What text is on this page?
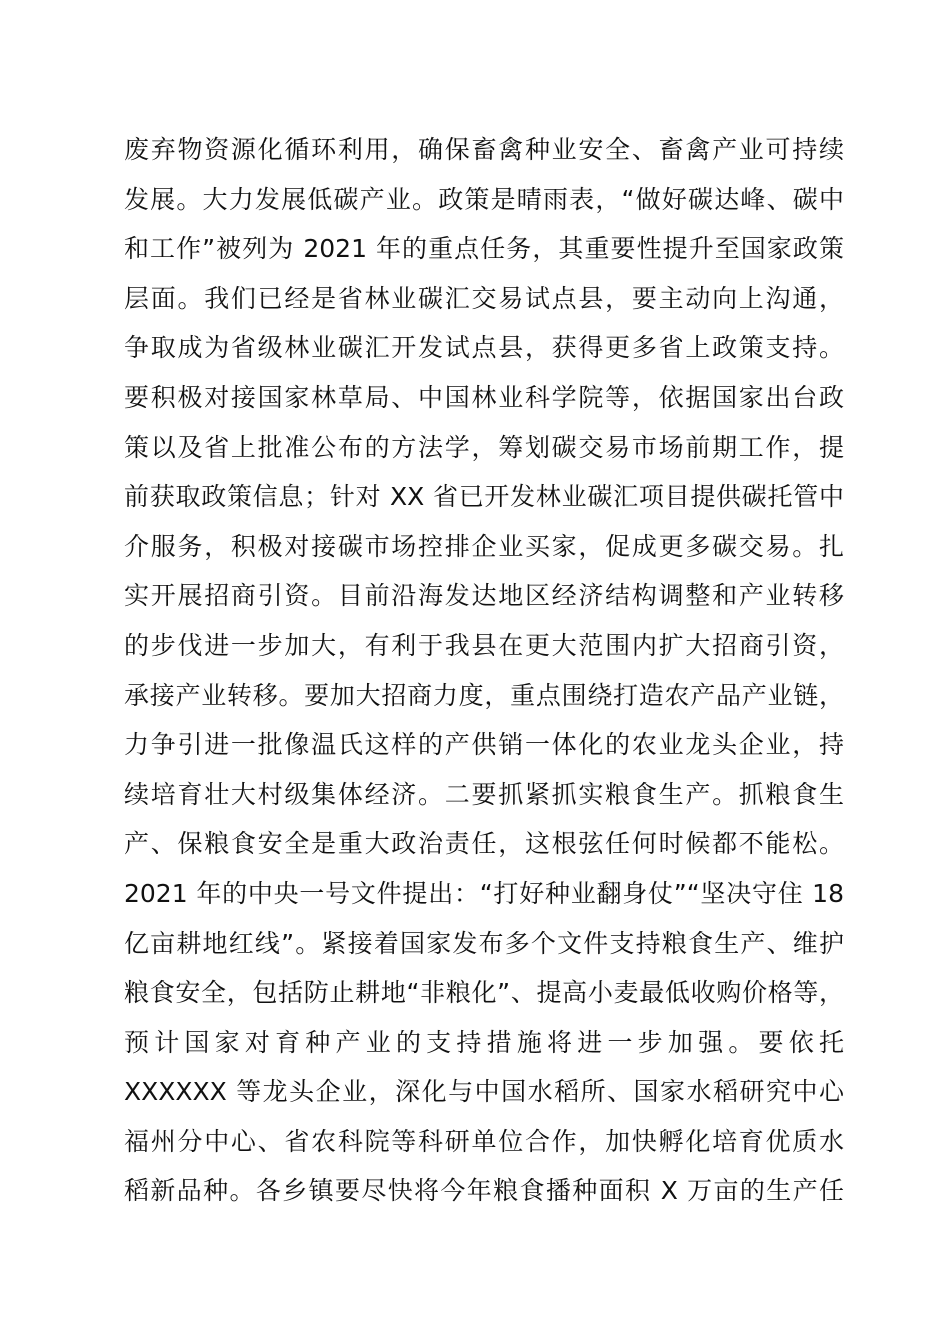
废弃物资源化循环利用，确保畜禽种业安全、畜禽产业可持续
发展。大力发展低碳产业。政策是晴雨表，“做好碳达峰、碳中
和工作”被列为 2021 年的重点任务，其重要性提升至国家政策
层面。我们已经是省林业碳汇交易试点县，要主动向上沟通，
争取成为省级林业碳汇开发试点县，获得更多省上政策支持。
要积极对接国家林草局、中国林业科学院等，依据国家出台政
策以及省上批准公布的方法学，筹划碳交易市场前期工作，提
前获取政策信息；针对 XX 省已开发林业碳汇项目提供碳托管中
介服务，积极对接碳市场控排企业买家，促成更多碳交易。扎
实开展招商引资。目前沿海发达地区经济结构调整和产业转移
的步伐进一步加大，有利于我县在更大范围内扩大招商引资，
承接产业转移。要加大招商力度，重点围绕打造农产品产业链，
力争引进一批像温氏这样的产供销一体化的农业龙头企业，持
续培育壮大村级集体经济。二要抓紧抓实粮食生产。抓粮食生
产、保粮食安全是重大政治责任，这根弦任何时候都不能松。
2021 年的中央一号文件提出：“打好种业翻身仗”“坚决守住 18
亿亩耕地红线”。紧接着国家发布多个文件支持粮食生产、维护
粮食安全，包括防止耕地“非粮化”、提高小麦最低收购价格等，
预计国家对育种产业的支持措施将进一步加强。要依托
XXXXXX 等龙头企业，深化与中国水稻所、国家水稻研究中心
福州分中心、省农科院等科研单位合作，加快孵化培育优质水
稻新品种。各乡镇要尽快将今年粮食播种面积 X 万亩的生产任
